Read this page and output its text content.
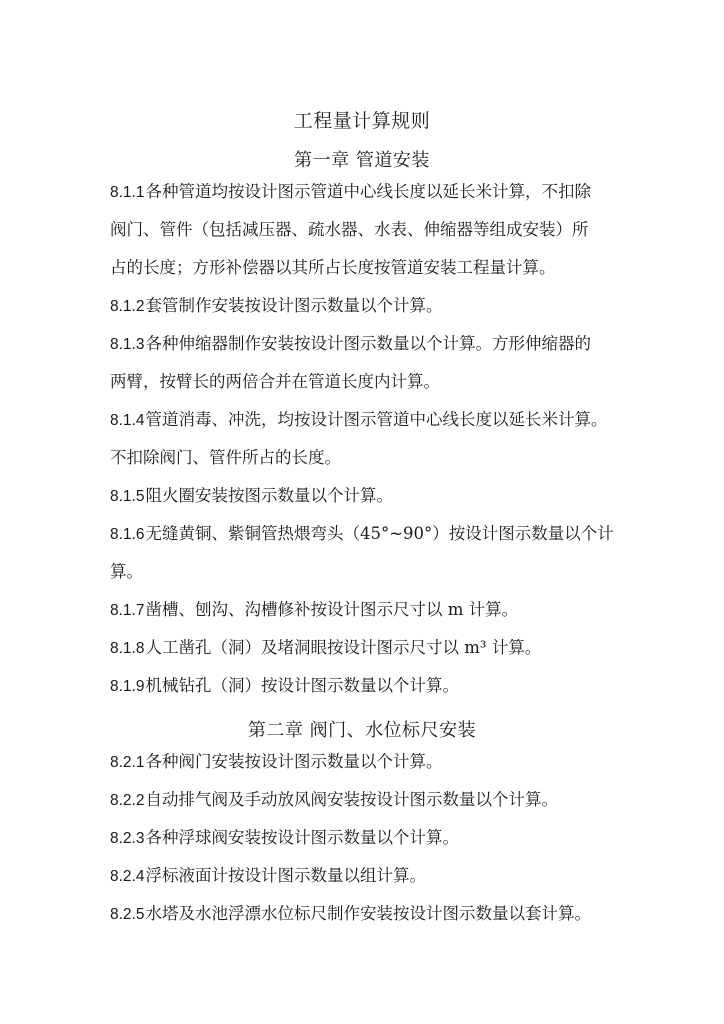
工程量计算规则
第一章 管道安装
8.1.1各种管道均按设计图示管道中心线长度以延长米计算，不扣除
阀门、管件（包括减压器、疏水器、水表、伸缩器等组成安装）所
占的长度；方形补偿器以其所占长度按管道安装工程量计算。
8.1.2套管制作安装按设计图示数量以个计算。
8.1.3各种伸缩器制作安装按设计图示数量以个计算。方形伸缩器的
两臂，按臂长的两倍合并在管道长度内计算。
8.1.4管道消毒、冲洗，均按设计图示管道中心线长度以延长米计算。
不扣除阀门、管件所占的长度。
8.1.5阻火圈安装按图示数量以个计算。
8.1.6无缝黄铜、紫铜管热煨弯头（45°~90°）按设计图示数量以个计
算。
8.1.7凿槽、刨沟、沟槽修补按设计图示尺寸以 m 计算。
8.1.8人工凿孔（洞）及堵洞眼按设计图示尺寸以 m³ 计算。
8.1.9机械钻孔（洞）按设计图示数量以个计算。
第二章 阀门、水位标尺安装
8.2.1各种阀门安装按设计图示数量以个计算。
8.2.2自动排气阀及手动放风阀安装按设计图示数量以个计算。
8.2.3各种浮球阀安装按设计图示数量以个计算。
8.2.4浮标液面计按设计图示数量以组计算。
8.2.5水塔及水池浮漂水位标尺制作安装按设计图示数量以套计算。
